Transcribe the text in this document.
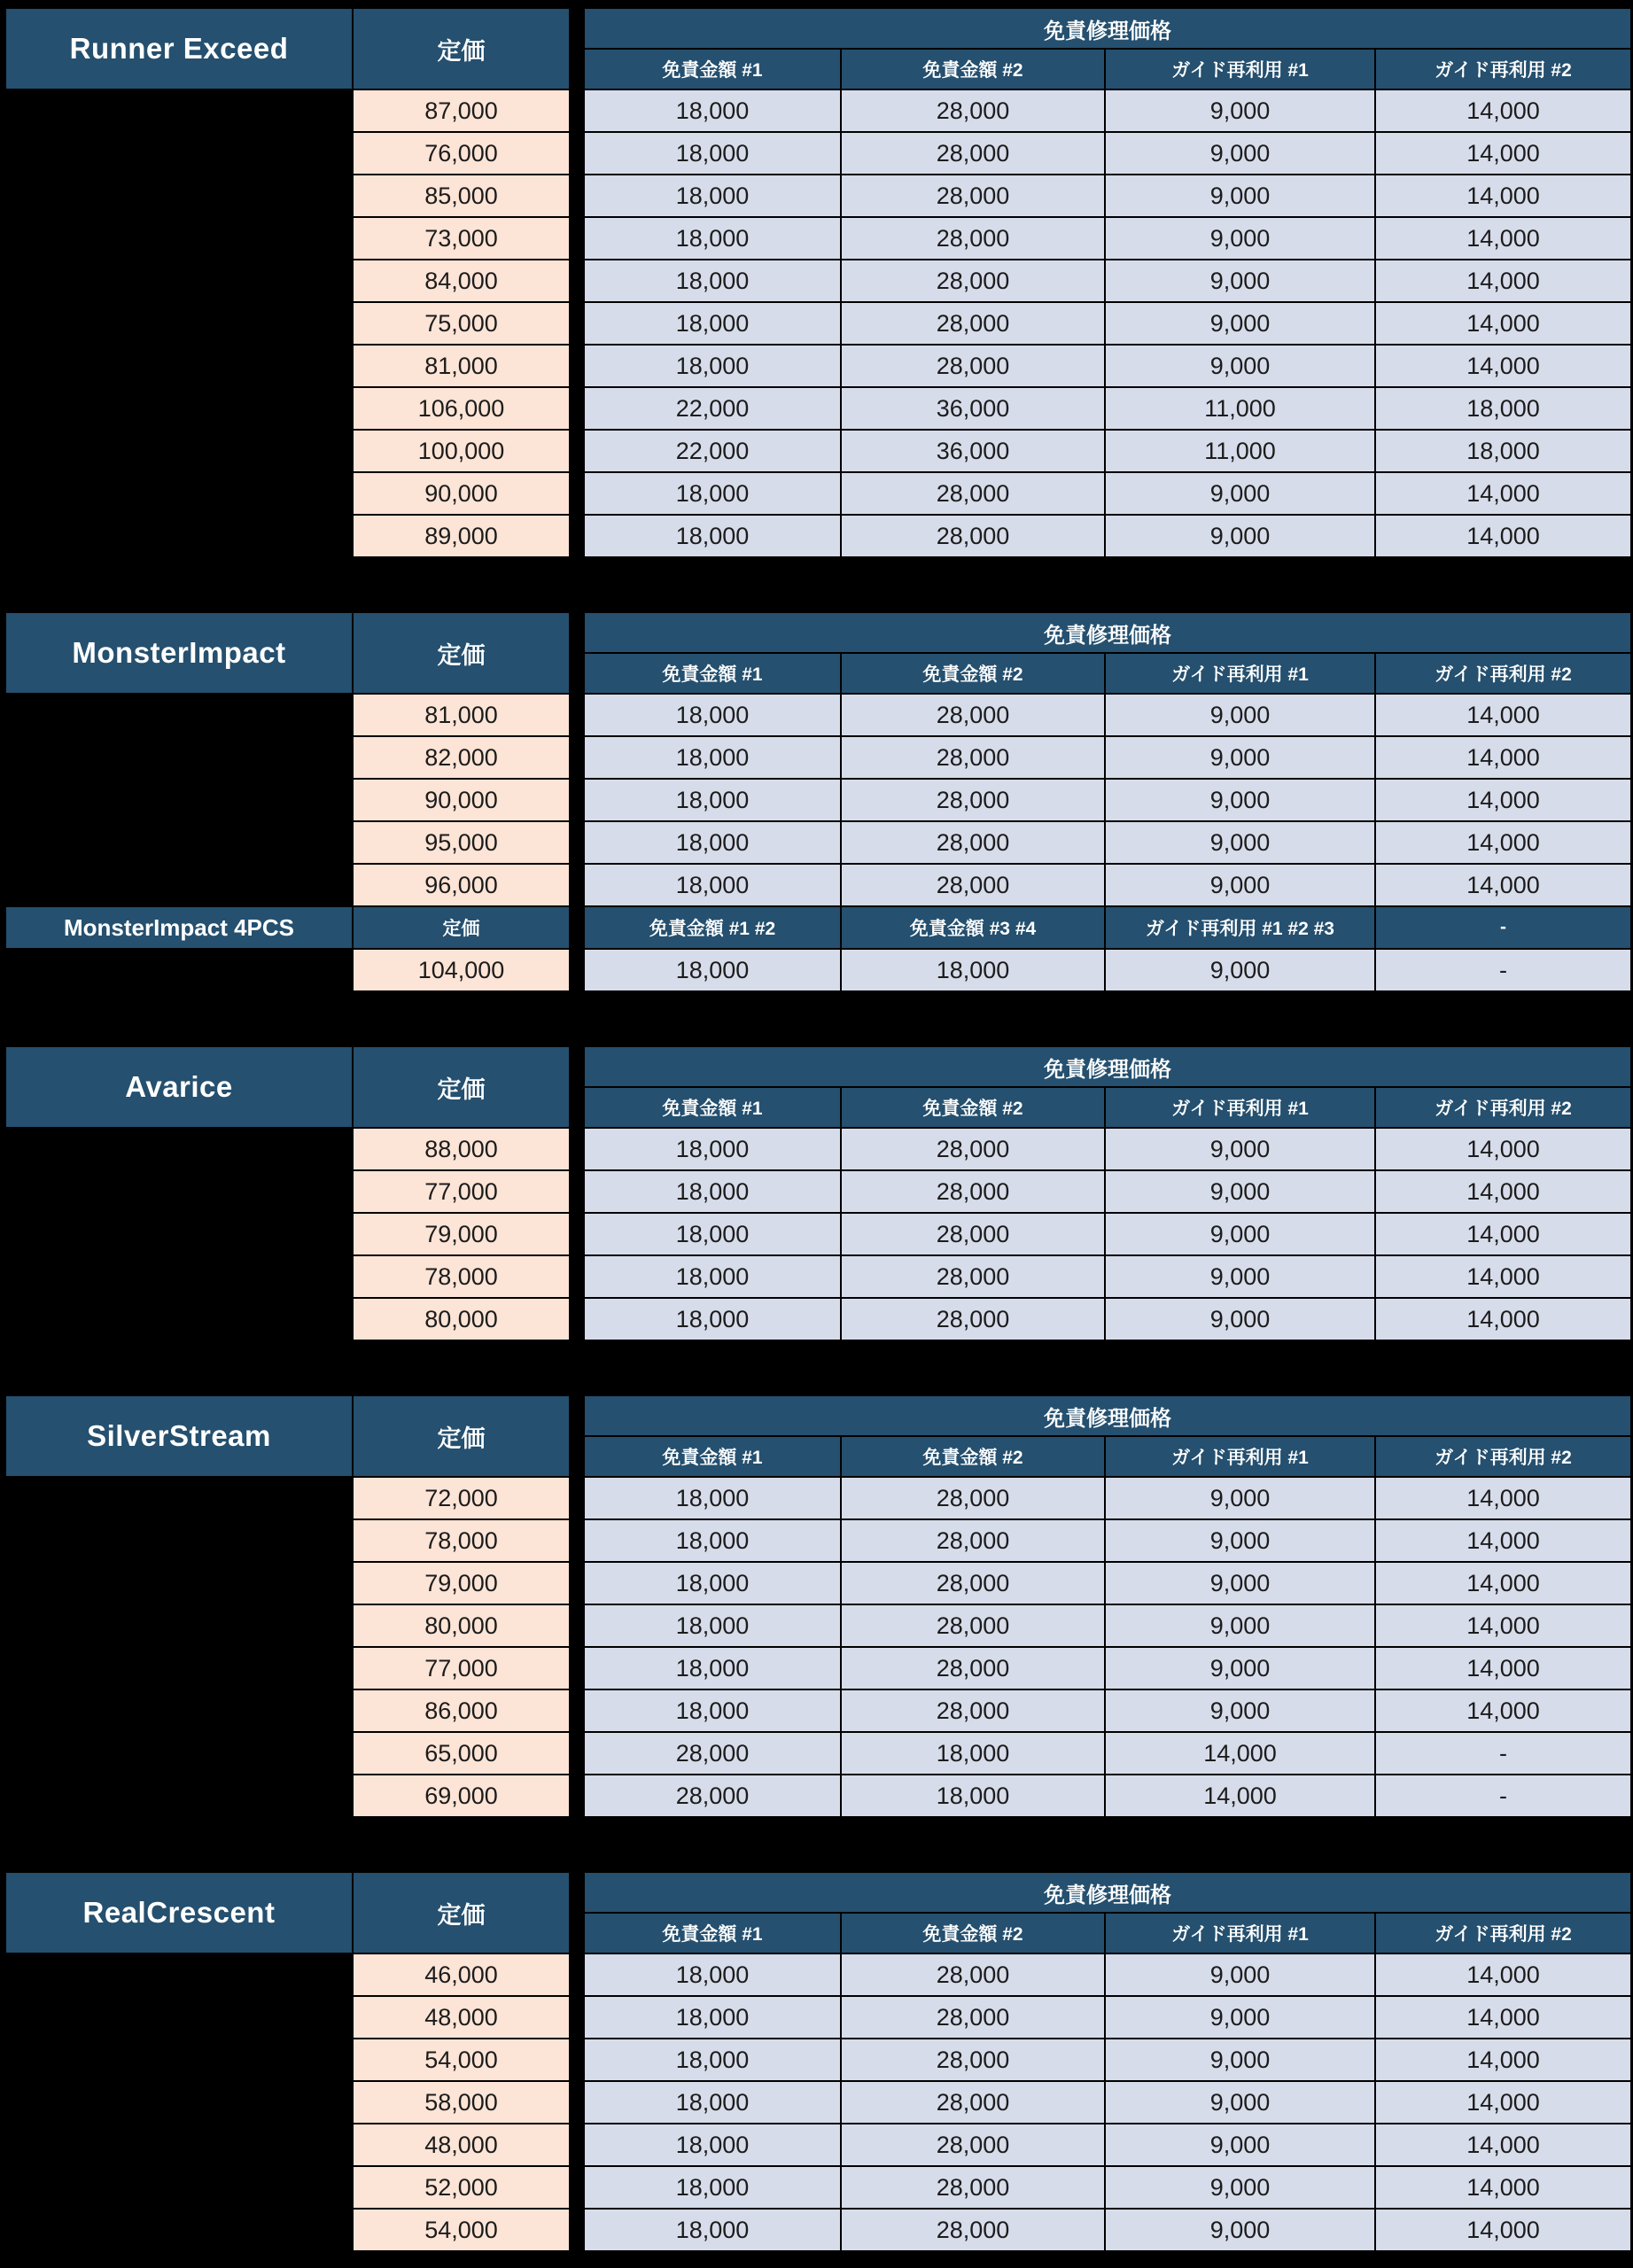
Runner Exceed	定価
免責修理価格
免責金額 #1	免責金額 #2	ガイド再利用 #1	ガイド再利用 #2
87,000	18,000	28,000	9,000	14,000
76,000	18,000	28,000	9,000	14,000
85,000	18,000	28,000	9,000	14,000
73,000	18,000	28,000	9,000	14,000
84,000	18,000	28,000	9,000	14,000
75,000	18,000	28,000	9,000	14,000
81,000	18,000	28,000	9,000	14,000
106,000	22,000	36,000	11,000	18,000
100,000	22,000	36,000	11,000	18,000
90,000	18,000	28,000	9,000	14,000
89,000	18,000	28,000	9,000	14,000
MonsterImpact	定価
免責修理価格
免責金額 #1	免責金額 #2	ガイド再利用 #1	ガイド再利用 #2
81,000	18,000	28,000	9,000	14,000
82,000	18,000	28,000	9,000	14,000
90,000	18,000	28,000	9,000	14,000
95,000	18,000	28,000	9,000	14,000
96,000	18,000	28,000	9,000	14,000
MonsterImpact 4PCS	定価	免責金額 #1 #2	免責金額 #3 #4	ガイド再利用 #1 #2 #3	-
104,000	18,000	18,000	9,000	-
Avarice	定価
免責修理価格
免責金額 #1	免責金額 #2	ガイド再利用 #1	ガイド再利用 #2
88,000	18,000	28,000	9,000	14,000
77,000	18,000	28,000	9,000	14,000
79,000	18,000	28,000	9,000	14,000
78,000	18,000	28,000	9,000	14,000
80,000	18,000	28,000	9,000	14,000
SilverStream	定価
免責修理価格
免責金額 #1	免責金額 #2	ガイド再利用 #1	ガイド再利用 #2
72,000	18,000	28,000	9,000	14,000
78,000	18,000	28,000	9,000	14,000
79,000	18,000	28,000	9,000	14,000
80,000	18,000	28,000	9,000	14,000
77,000	18,000	28,000	9,000	14,000
86,000	18,000	28,000	9,000	14,000
65,000	28,000	18,000	14,000	-
69,000	28,000	18,000	14,000	-
RealCrescent	定価
免責修理価格
免責金額 #1	免責金額 #2	ガイド再利用 #1	ガイド再利用 #2
46,000	18,000	28,000	9,000	14,000
48,000	18,000	28,000	9,000	14,000
54,000	18,000	28,000	9,000	14,000
58,000	18,000	28,000	9,000	14,000
48,000	18,000	28,000	9,000	14,000
52,000	18,000	28,000	9,000	14,000
54,000	18,000	28,000	9,000	14,000
